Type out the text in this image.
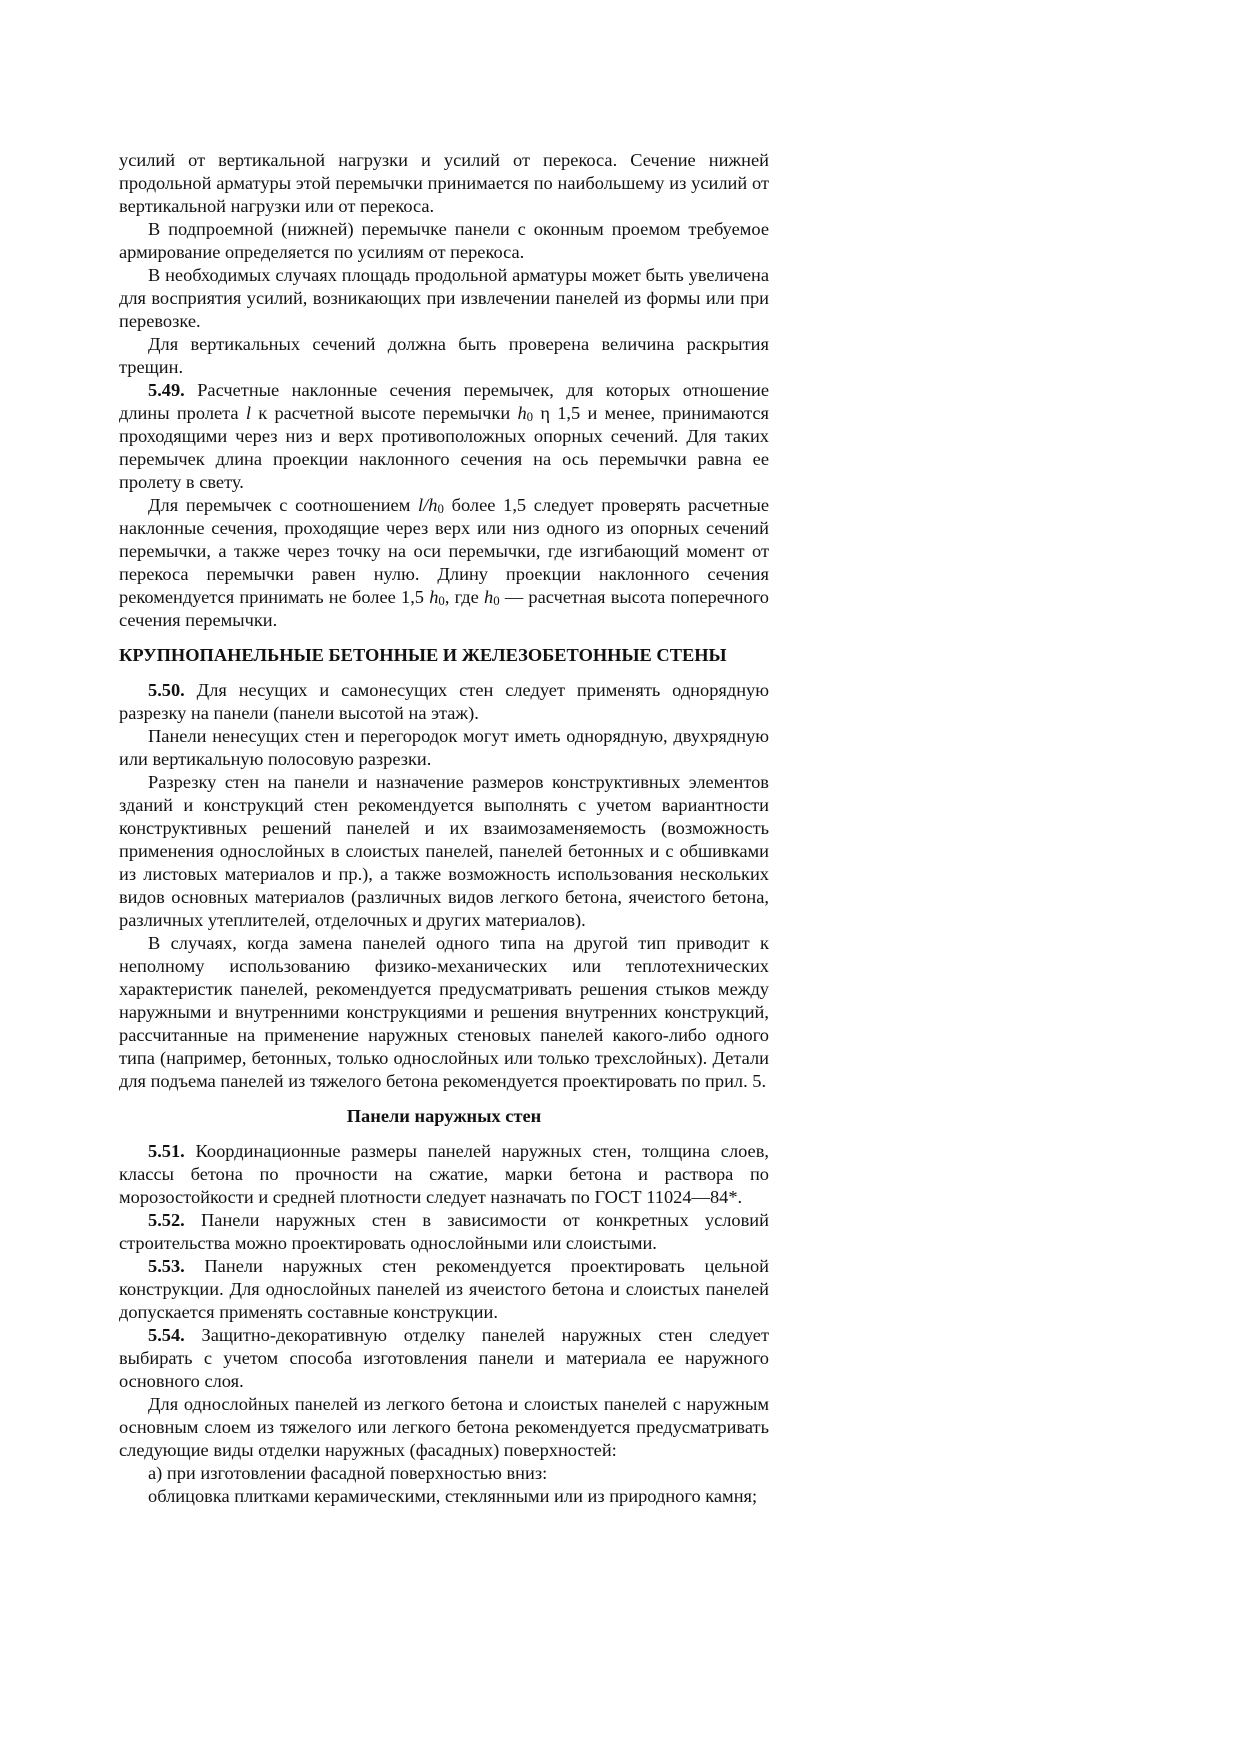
усилий от вертикальной нагрузки и усилий от перекоса. Сечение нижней продольной арматуры этой перемычки принимается по наибольшему из усилий от вертикальной нагрузки или от перекоса.

В подпроемной (нижней) перемычке панели с оконным проемом требуемое армирование определяется по усилиям от перекоса.

В необходимых случаях площадь продольной арматуры может быть увеличена для восприятия усилий, возникающих при извлечении панелей из формы или при перевозке.

Для вертикальных сечений должна быть проверена величина раскрытия трещин.

5.49. Расчетные наклонные сечения перемычек, для которых отношение длины пролета l к расчетной высоте перемычки $h_0$ η 1,5 и менее, принимаются проходящими через низ и верх противоположных опорных сечений. Для таких перемычек длина проекции наклонного сечения на ось перемычки равна ее пролету в свету.

Для перемычек с соотношением $l/h_0$ более 1,5 следует проверять расчетные наклонные сечения, проходящие через верх или низ одного из опорных сечений перемычки, а также через точку на оси перемычки, где изгибающий момент от перекоса перемычки равен нулю. Длину проекции наклонного сечения рекомендуется принимать не более 1,5 $h_0$, где $h_0$ — расчетная высота поперечного сечения перемычки.

КРУПНОПАНЕЛЬНЫЕ БЕТОННЫЕ И ЖЕЛЕЗОБЕТОННЫЕ СТЕНЫ

5.50. Для несущих и самонесущих стен следует применять однорядную разрезку на панели (панели высотой на этаж).

Панели ненесущих стен и перегородок могут иметь однорядную, двухрядную или вертикальную полосовую разрезки.

Разрезку стен на панели и назначение размеров конструктивных элементов зданий и конструкций стен рекомендуется выполнять с учетом вариантности конструктивных решений панелей и их взаимозаменяемость (возможность применения однослойных в слоистых панелей, панелей бетонных и с обшивками из листовых материалов и пр.), а также возможность использования нескольких видов основных материалов (различных видов легкого бетона, ячеистого бетона, различных утеплителей, отделочных и других материалов).

В случаях, когда замена панелей одного типа на другой тип приводит к неполному использованию физико-механических или теплотехнических характеристик панелей, рекомендуется предусматривать решения стыков между наружными и внутренними конструкциями и решения внутренних конструкций, рассчитанные на применение наружных стеновых панелей какого-либо одного типа (например, бетонных, только однослойных или только трехслойных). Детали для подъема панелей из тяжелого бетона рекомендуется проектировать по прил. 5.

Панели наружных стен

5.51. Координационные размеры панелей наружных стен, толщина слоев, классы бетона по прочности на сжатие, марки бетона и раствора по морозостойкости и средней плотности следует назначать по ГОСТ 11024—84*.

5.52. Панели наружных стен в зависимости от конкретных условий строительства можно проектировать однослойными или слоистыми.

5.53. Панели наружных стен рекомендуется проектировать цельной конструкции. Для однослойных панелей из ячеистого бетона и слоистых панелей допускается применять составные конструкции.

5.54. Защитно-декоративную отделку панелей наружных стен следует выбирать с учетом способа изготовления панели и материала ее наружного основного слоя.

Для однослойных панелей из легкого бетона и слоистых панелей с наружным основным слоем из тяжелого или легкого бетона рекомендуется предусматривать следующие виды отделки наружных (фасадных) поверхностей:

а) при изготовлении фасадной поверхностью вниз:

облицовка плитками керамическими, стеклянными или из природного камня;
